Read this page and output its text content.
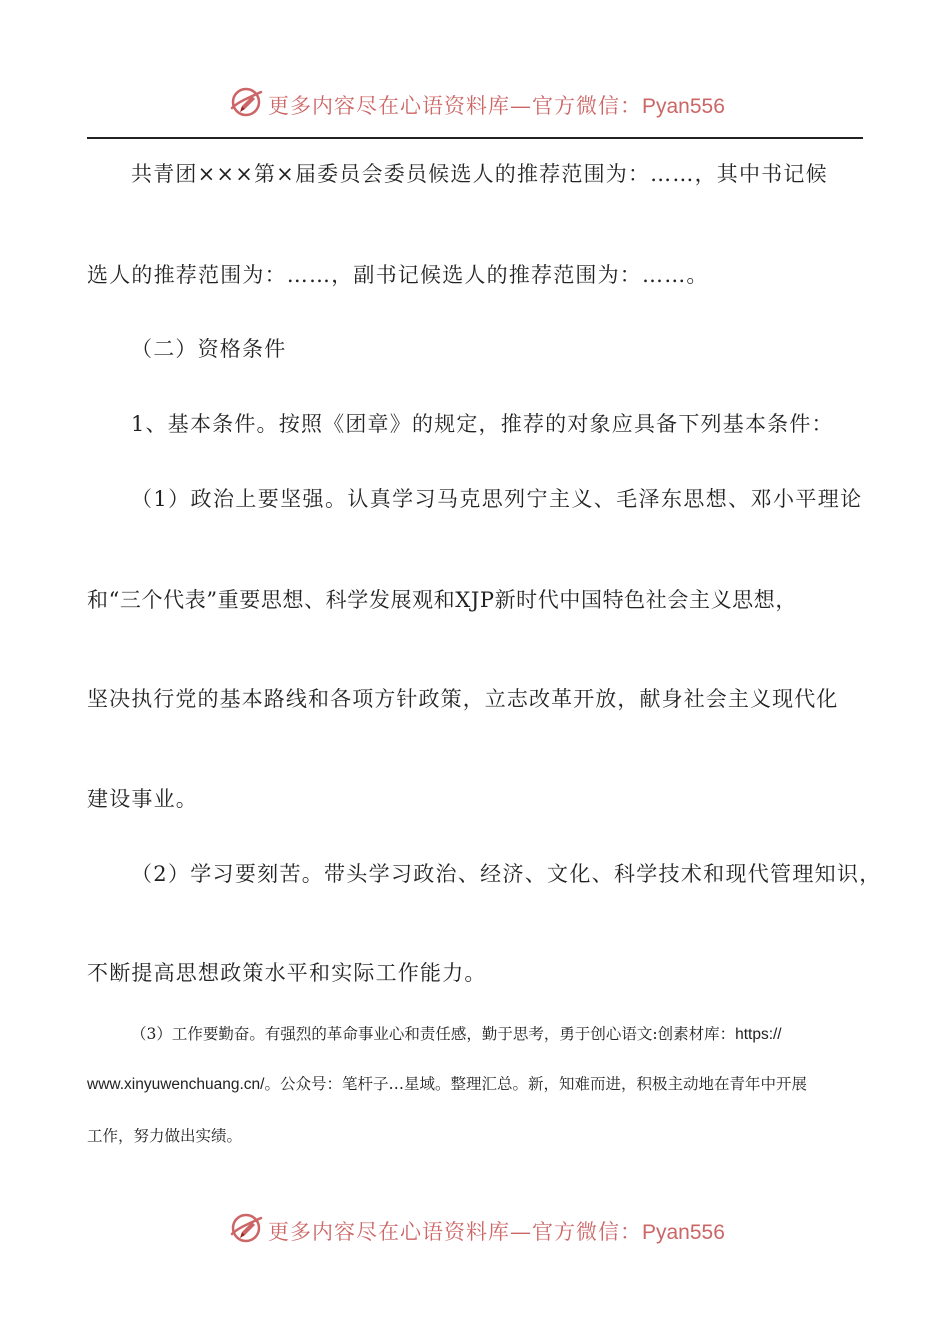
更多内容尽在心语资料库—官方微信：Pyan556
共青团×××第×届委员会委员候选人的推荐范围为：……，其中书记候
选人的推荐范围为：……，副书记候选人的推荐范围为：……。
（二）资格条件
1、基本条件。按照《团章》的规定，推荐的对象应具备下列基本条件：
（1）政治上要坚强。认真学习马克思列宁主义、毛泽东思想、邓小平理论
和“三个代表”重要思想、科学发展观和XJP新时代中国特色社会主义思想，
坚决执行党的基本路线和各项方针政策，立志改革开放，献身社会主义现代化
建设事业。
（2）学习要刻苦。带头学习政治、经济、文化、科学技术和现代管理知识，
不断提高思想政策水平和实际工作能力。
（3）工作要勤奋。有强烈的革命事业心和责任感，勤于思考，勇于创心语文:创素材库：https://
www.xinyuwenchuang.cn/。公众号：笔杆子…星域。整理汇总。新，知难而进，积极主动地在青年中开展
工作，努力做出实绩。
更多内容尽在心语资料库—官方微信：Pyan556
